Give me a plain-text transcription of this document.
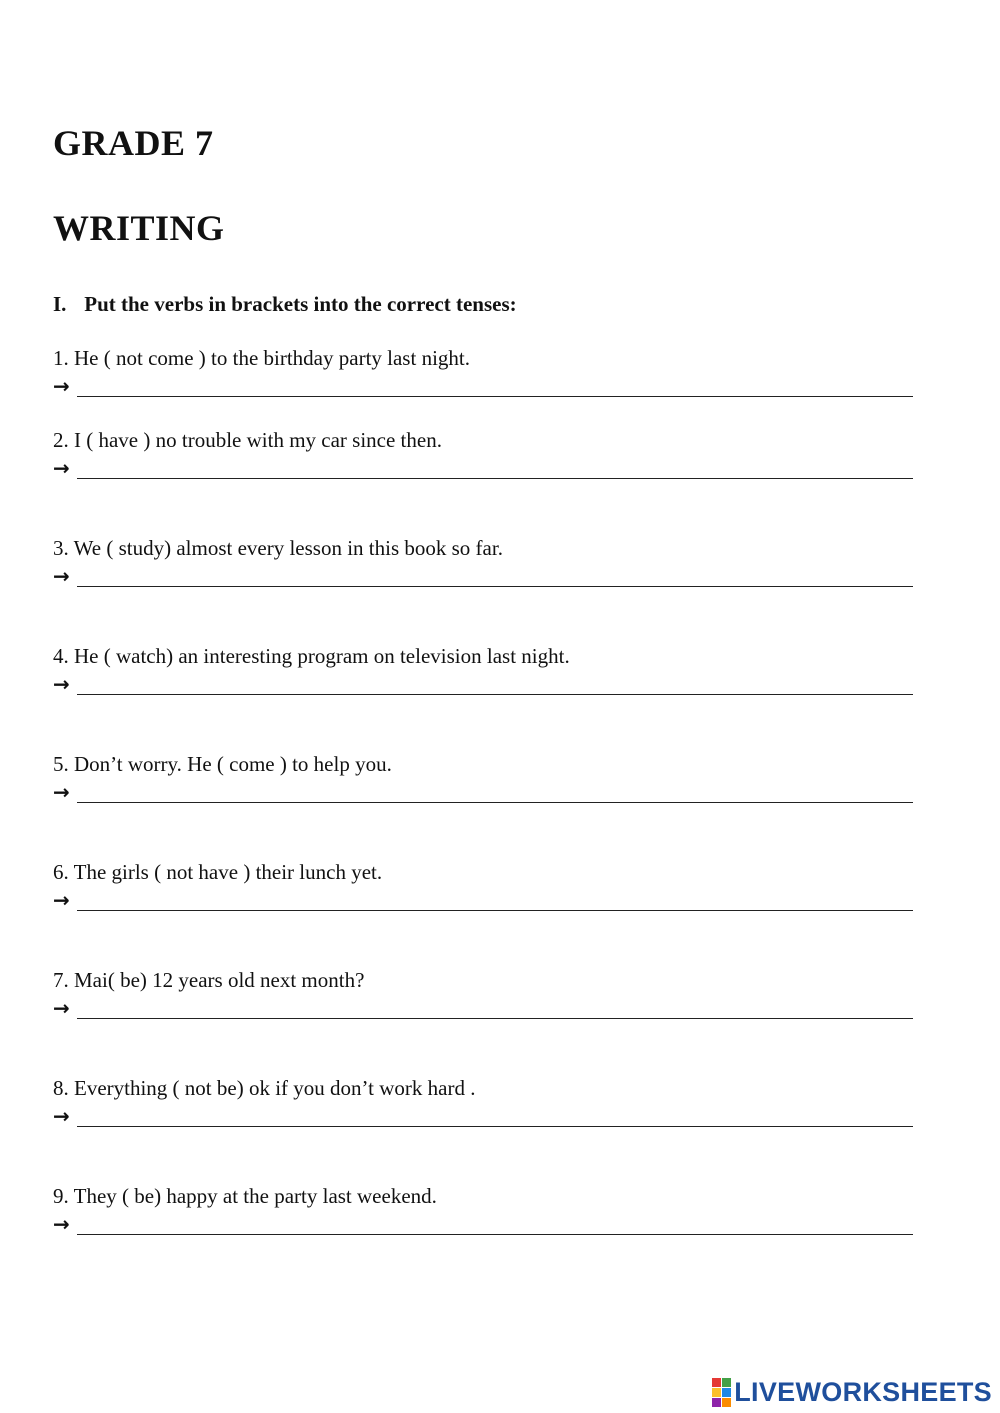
GRADE 7
WRITING
I. Put the verbs in brackets into the correct tenses:
1. He ( not come ) to the birthday party last night.
→
2. I ( have ) no trouble with my car since then.
→
3. We ( study) almost every lesson in this book so far.
→
4. He ( watch) an interesting program on television last night.
→
5. Don’t worry. He ( come ) to help you.
→
6. The girls ( not have ) their lunch yet.
→
7. Mai( be) 12 years old next month?
→
8. Everything ( not be) ok if you don’t work hard .
→
9. They ( be) happy at the party last weekend.
→
LIVEWORKSHEETS
